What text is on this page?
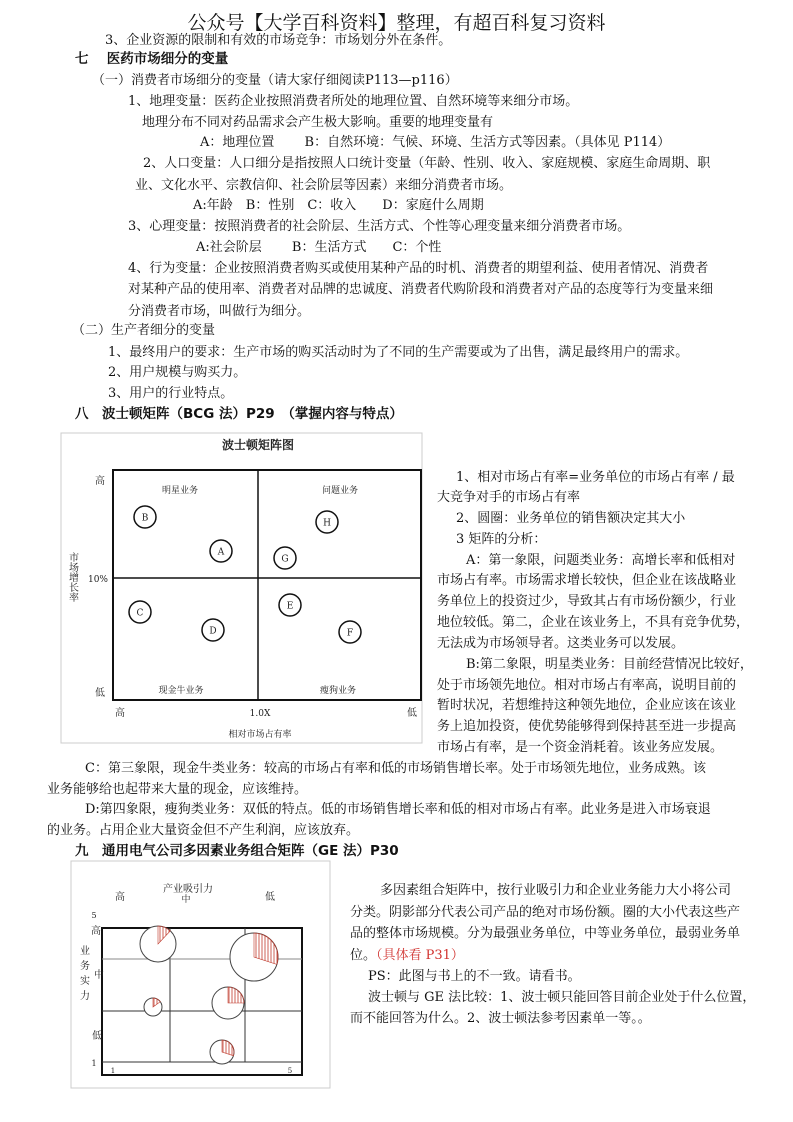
公众号【大学百科资料】整理，有超百科复习资料
3、企业资源的限制和有效的市场竞争：市场划分外在条件。
七　 医药市场细分的变量
（一）消费者市场细分的变量（请大家仔细阅读P113—p116）
1、地理变量：医药企业按照消费者所处的地理位置、自然环境等来细分市场。
地理分布不同对药品需求会产生极大影响。重要的地理变量有
A：地理位置　　 B：自然环境：气候、环境、生活方式等因素。（具体见 P114）
2、人口变量：人口细分是指按照人口统计变量（年龄、性别、收入、家庭规模、家庭生命周期、职
业、文化水平、宗教信仰、社会阶层等因素）来细分消费者市场。
A:年龄　B：性别　C：收入　　D：家庭什么周期
3、心理变量：按照消费者的社会阶层、生活方式、个性等心理变量来细分消费者市场。
A:社会阶层　　 B：生活方式　　C：个性
4、行为变量：企业按照消费者购买或使用某种产品的时机、消费者的期望利益、使用者情况、消费者
对某种产品的使用率、消费者对品牌的忠诚度、消费者代购阶段和消费者对产品的态度等行为变量来细
分消费者市场，叫做行为细分。
（二）生产者细分的变量
1、最终用户的要求：生产市场的购买活动时为了不同的生产需要或为了出售，满足最终用户的需求。
2、用户规模与购买力。
3、用户的行业特点。
八　波士顿矩阵（BCG 法）P29　（掌握内容与特点）
波士顿矩阵图
高
10%
低
市场增长率
高	1.0X	低
相对市场占有率
明星业务	问题业务
现金牛业务	瘦狗业务
A
B
C
D
E
F
G
H
1、相对市场占有率=业务单位的市场占有率 / 最
大竞争对手的市场占有率
2、圆圈：业务单位的销售额决定其大小
3 矩阵的分析：
A：第一象限，问题类业务：高增长率和低相对
市场占有率。市场需求增长较快，但企业在该战略业
务单位上的投资过少，导致其占有市场份额少，行业
地位较低。第二，企业在该业务上，不具有竞争优势，
无法成为市场领导者。这类业务可以发展。
B:第二象限，明星类业务：目前经营情况比较好，
处于市场领先地位。相对市场占有率高，说明目前的
暂时状况，若想维持这种领先地位，企业应该在该业
务上追加投资，使优势能够得到保持甚至进一步提高
市场占有率，是一个资金消耗着。该业务应发展。
C：第三象限，现金牛类业务：较高的市场占有率和低的市场销售增长率。处于市场领先地位，业务成熟。该
业务能够给也起带来大量的现金，应该维持。
D:第四象限，瘦狗类业务：双低的特点。低的市场销售增长率和低的相对市场占有率。此业务是进入市场衰退
的业务。占用企业大量资金但不产生利润，应该放弃。
九　通用电气公司多因素业务组合矩阵（GE 法）P30
产业吸引力
高	中	低
5
高
业务实力 中
低
1
1	5
多因素组合矩阵中，按行业吸引力和企业业务能力大小将公司
分类。阴影部分代表公司产品的绝对市场份额。圈的大小代表这些产
品的整体市场规模。分为最强业务单位，中等业务单位，最弱业务单
位。（具体看 P31）
PS：此图与书上的不一致。请看书。
波士顿与 GE 法比较：1、波士顿只能回答目前企业处于什么位置，
而不能回答为什么。2、波士顿法参考因素单一等。。
